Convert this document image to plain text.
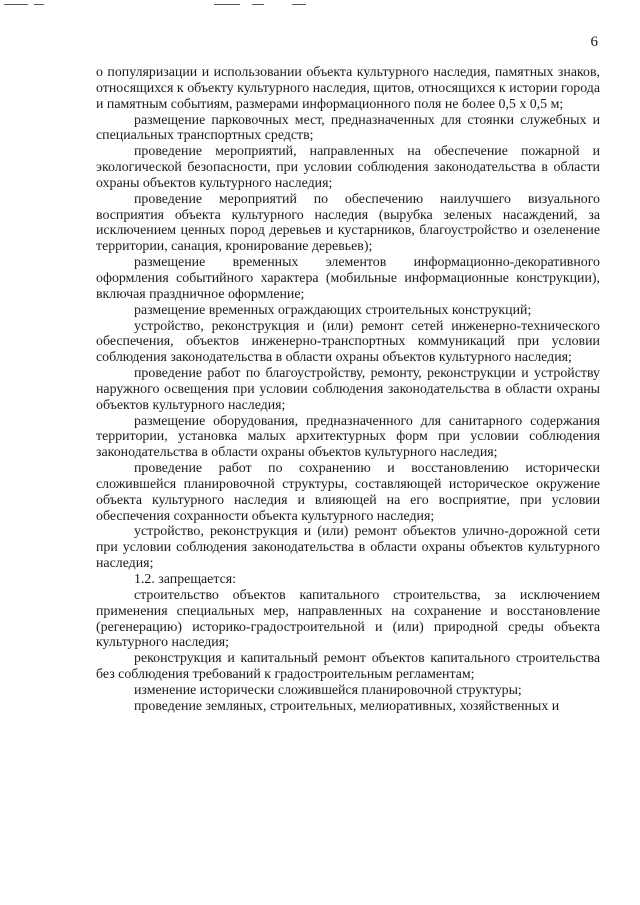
6

о популяризации и использовании объекта культурного наследия, памятных знаков, относящихся к объекту культурного наследия, щитов, относящихся к истории города и памятным событиям, размерами информационного поля не более 0,5 х 0,5 м;

размещение парковочных мест, предназначенных для стоянки служебных и специальных транспортных средств;

проведение мероприятий, направленных на обеспечение пожарной и экологической безопасности, при условии соблюдения законодательства в области охраны объектов культурного наследия;

проведение мероприятий по обеспечению наилучшего визуального восприятия объекта культурного наследия (вырубка зеленых насаждений, за исключением ценных пород деревьев и кустарников, благоустройство и озеленение территории, санация, кронирование деревьев);

размещение временных элементов информационно-декоративного оформления событийного характера (мобильные информационные конструкции), включая праздничное оформление;

размещение временных ограждающих строительных конструкций;

устройство, реконструкция и (или) ремонт сетей инженерно-технического обеспечения, объектов инженерно-транспортных коммуникаций при условии соблюдения законодательства в области охраны объектов культурного наследия;

проведение работ по благоустройству, ремонту, реконструкции и устройству наружного освещения при условии соблюдения законодательства в области охраны объектов культурного наследия;

размещение оборудования, предназначенного для санитарного содержания территории, установка малых архитектурных форм при условии соблюдения законодательства в области охраны объектов культурного наследия;

проведение работ по сохранению и восстановлению исторически сложившейся планировочной структуры, составляющей историческое окружение объекта культурного наследия и влияющей на его восприятие, при условии обеспечения сохранности объекта культурного наследия;

устройство, реконструкция и (или) ремонт объектов улично-дорожной сети при условии соблюдения законодательства в области охраны объектов культурного наследия;

1.2. запрещается:

строительство объектов капитального строительства, за исключением применения специальных мер, направленных на сохранение и восстановление (регенерацию) историко-градостроительной и (или) природной среды объекта культурного наследия;

реконструкция и капитальный ремонт объектов капитального строительства без соблюдения требований к градостроительным регламентам;

изменение исторически сложившейся планировочной структуры;

проведение земляных, строительных, мелиоративных, хозяйственных и
